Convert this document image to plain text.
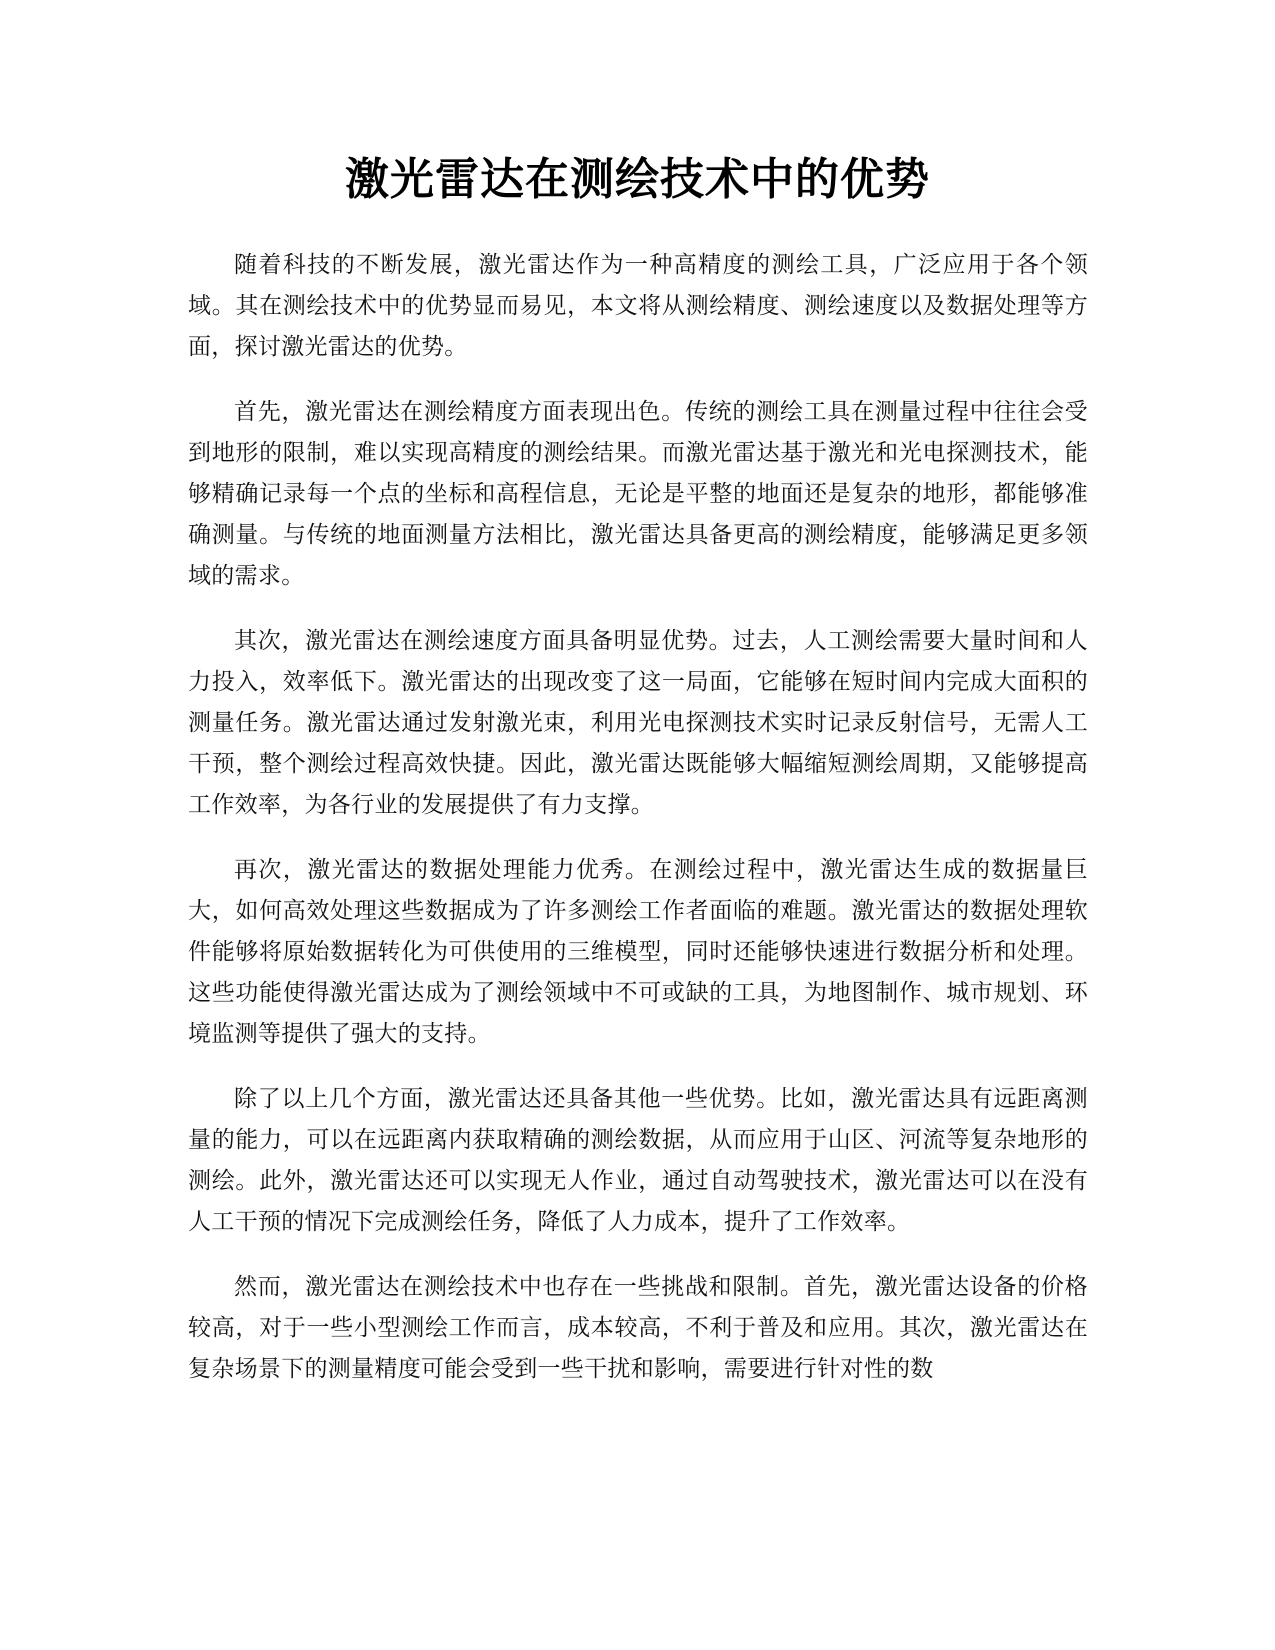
激光雷达在测绘技术中的优势

随着科技的不断发展，激光雷达作为一种高精度的测绘工具，广泛应用于各个领域。其在测绘技术中的优势显而易见，本文将从测绘精度、测绘速度以及数据处理等方面，探讨激光雷达的优势。

首先，激光雷达在测绘精度方面表现出色。传统的测绘工具在测量过程中往往会受到地形的限制，难以实现高精度的测绘结果。而激光雷达基于激光和光电探测技术，能够精确记录每一个点的坐标和高程信息，无论是平整的地面还是复杂的地形，都能够准确测量。与传统的地面测量方法相比，激光雷达具备更高的测绘精度，能够满足更多领域的需求。

其次，激光雷达在测绘速度方面具备明显优势。过去，人工测绘需要大量时间和人力投入，效率低下。激光雷达的出现改变了这一局面，它能够在短时间内完成大面积的测量任务。激光雷达通过发射激光束，利用光电探测技术实时记录反射信号，无需人工干预，整个测绘过程高效快捷。因此，激光雷达既能够大幅缩短测绘周期，又能够提高工作效率，为各行业的发展提供了有力支撑。

再次，激光雷达的数据处理能力优秀。在测绘过程中，激光雷达生成的数据量巨大，如何高效处理这些数据成为了许多测绘工作者面临的难题。激光雷达的数据处理软件能够将原始数据转化为可供使用的三维模型，同时还能够快速进行数据分析和处理。这些功能使得激光雷达成为了测绘领域中不可或缺的工具，为地图制作、城市规划、环境监测等提供了强大的支持。

除了以上几个方面，激光雷达还具备其他一些优势。比如，激光雷达具有远距离测量的能力，可以在远距离内获取精确的测绘数据，从而应用于山区、河流等复杂地形的测绘。此外，激光雷达还可以实现无人作业，通过自动驾驶技术，激光雷达可以在没有人工干预的情况下完成测绘任务，降低了人力成本，提升了工作效率。

然而，激光雷达在测绘技术中也存在一些挑战和限制。首先，激光雷达设备的价格较高，对于一些小型测绘工作而言，成本较高，不利于普及和应用。其次，激光雷达在复杂场景下的测量精度可能会受到一些干扰和影响，需要进行针对性的数
